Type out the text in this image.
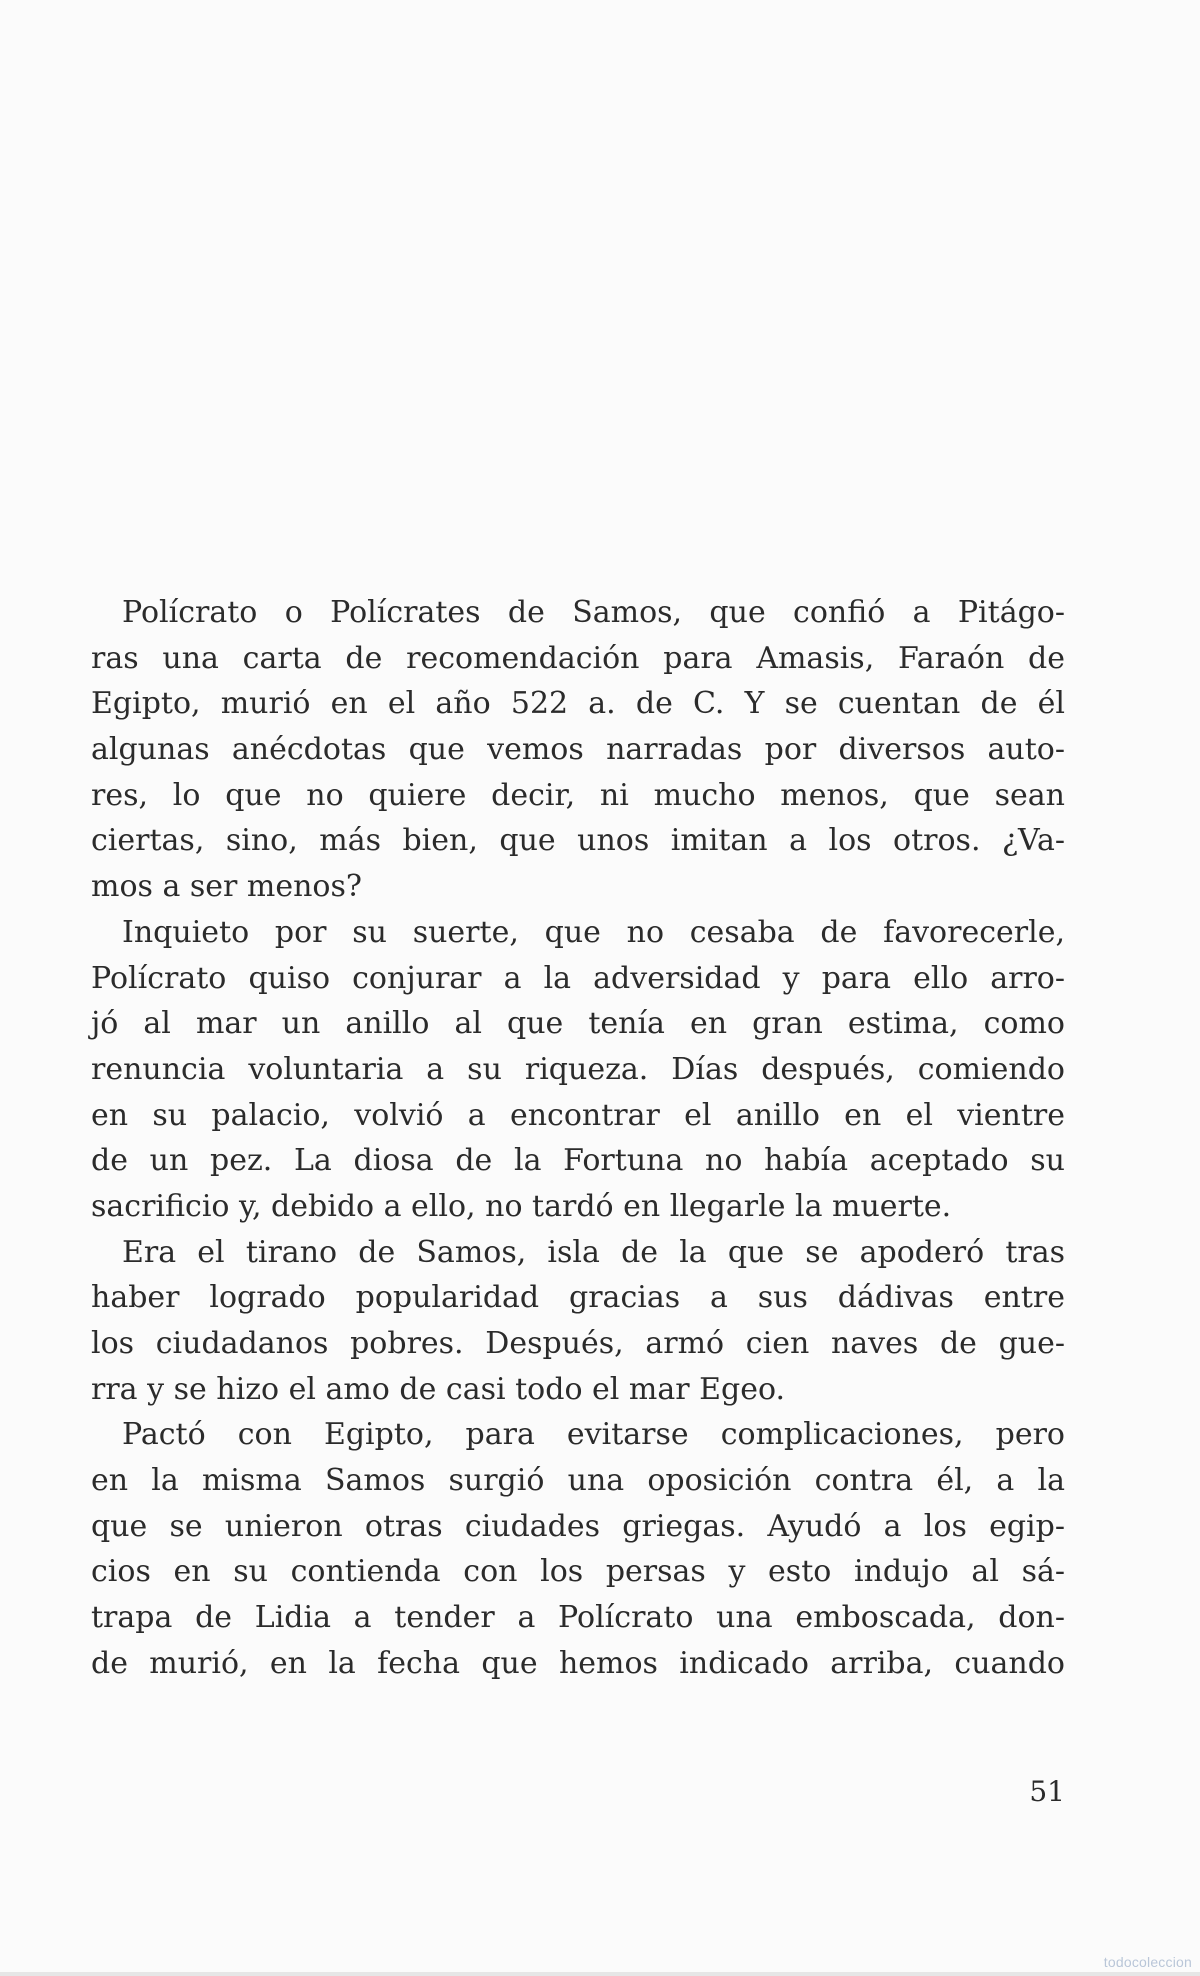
Polícrato o Polícrates de Samos, que confió a Pitágo-
ras una carta de recomendación para Amasis, Faraón de
Egipto, murió en el año 522 a. de C. Y se cuentan de él
algunas anécdotas que vemos narradas por diversos auto-
res, lo que no quiere decir, ni mucho menos, que sean
ciertas, sino, más bien, que unos imitan a los otros. ¿Va-
mos a ser menos?
Inquieto por su suerte, que no cesaba de favorecerle,
Polícrato quiso conjurar a la adversidad y para ello arro-
jó al mar un anillo al que tenía en gran estima, como
renuncia voluntaria a su riqueza. Días después, comiendo
en su palacio, volvió a encontrar el anillo en el vientre
de un pez. La diosa de la Fortuna no había aceptado su
sacrificio y, debido a ello, no tardó en llegarle la muerte.
Era el tirano de Samos, isla de la que se apoderó tras
haber logrado popularidad gracias a sus dádivas entre
los ciudadanos pobres. Después, armó cien naves de gue-
rra y se hizo el amo de casi todo el mar Egeo.
Pactó con Egipto, para evitarse complicaciones, pero
en la misma Samos surgió una oposición contra él, a la
que se unieron otras ciudades griegas. Ayudó a los egip-
cios en su contienda con los persas y esto indujo al sá-
trapa de Lidia a tender a Polícrato una emboscada, don-
de murió, en la fecha que hemos indicado arriba, cuando
51
todocoleccion
